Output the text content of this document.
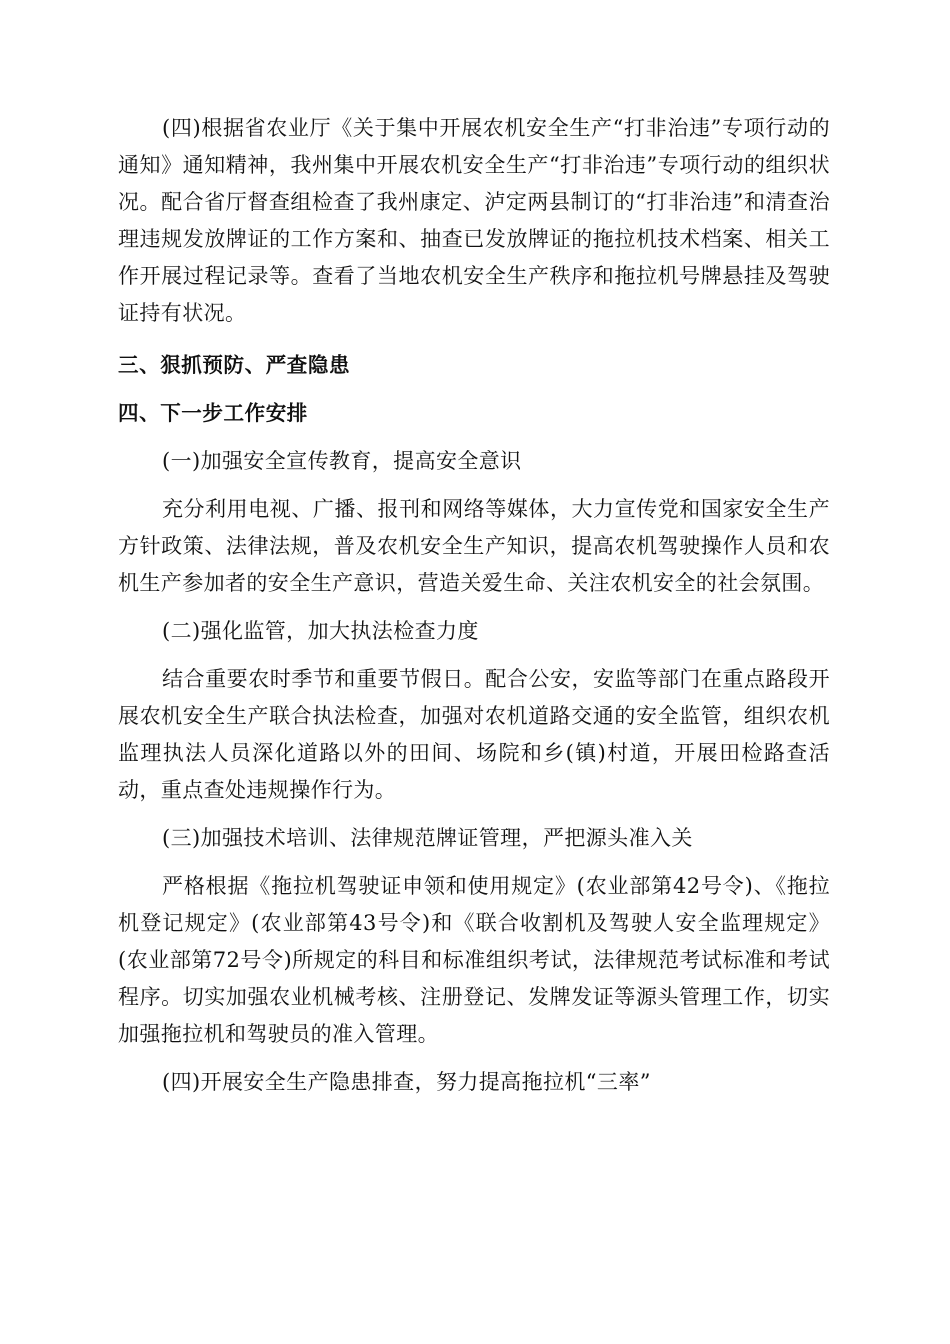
(四)根据省农业厅《关于集中开展农机安全生产“打非治违”专项行动的通知》通知精神，我州集中开展农机安全生产“打非治违”专项行动的组织状况。配合省厅督查组检查了我州康定、泸定两县制订的“打非治违”和清查治理违规发放牌证的工作方案和、抽查已发放牌证的拖拉机技术档案、相关工作开展过程记录等。查看了当地农机安全生产秩序和拖拉机号牌悬挂及驾驶证持有状况。

三、狠抓预防、严查隐患

四、下一步工作安排

(一)加强安全宣传教育，提高安全意识

充分利用电视、广播、报刊和网络等媒体，大力宣传党和国家安全生产方针政策、法律法规，普及农机安全生产知识，提高农机驾驶操作人员和农机生产参加者的安全生产意识，营造关爱生命、关注农机安全的社会氛围。

(二)强化监管，加大执法检查力度

结合重要农时季节和重要节假日。配合公安，安监等部门在重点路段开展农机安全生产联合执法检查，加强对农机道路交通的安全监管，组织农机监理执法人员深化道路以外的田间、场院和乡(镇)村道，开展田检路查活动，重点查处违规操作行为。

(三)加强技术培训、法律规范牌证管理，严把源头准入关

严格根据《拖拉机驾驶证申领和使用规定》(农业部第42号令)、《拖拉机登记规定》(农业部第43号令)和《联合收割机及驾驶人安全监理规定》(农业部第72号令)所规定的科目和标准组织考试，法律规范考试标准和考试程序。切实加强农业机械考核、注册登记、发牌发证等源头管理工作，切实加强拖拉机和驾驶员的准入管理。

(四)开展安全生产隐患排查，努力提高拖拉机“三率”
